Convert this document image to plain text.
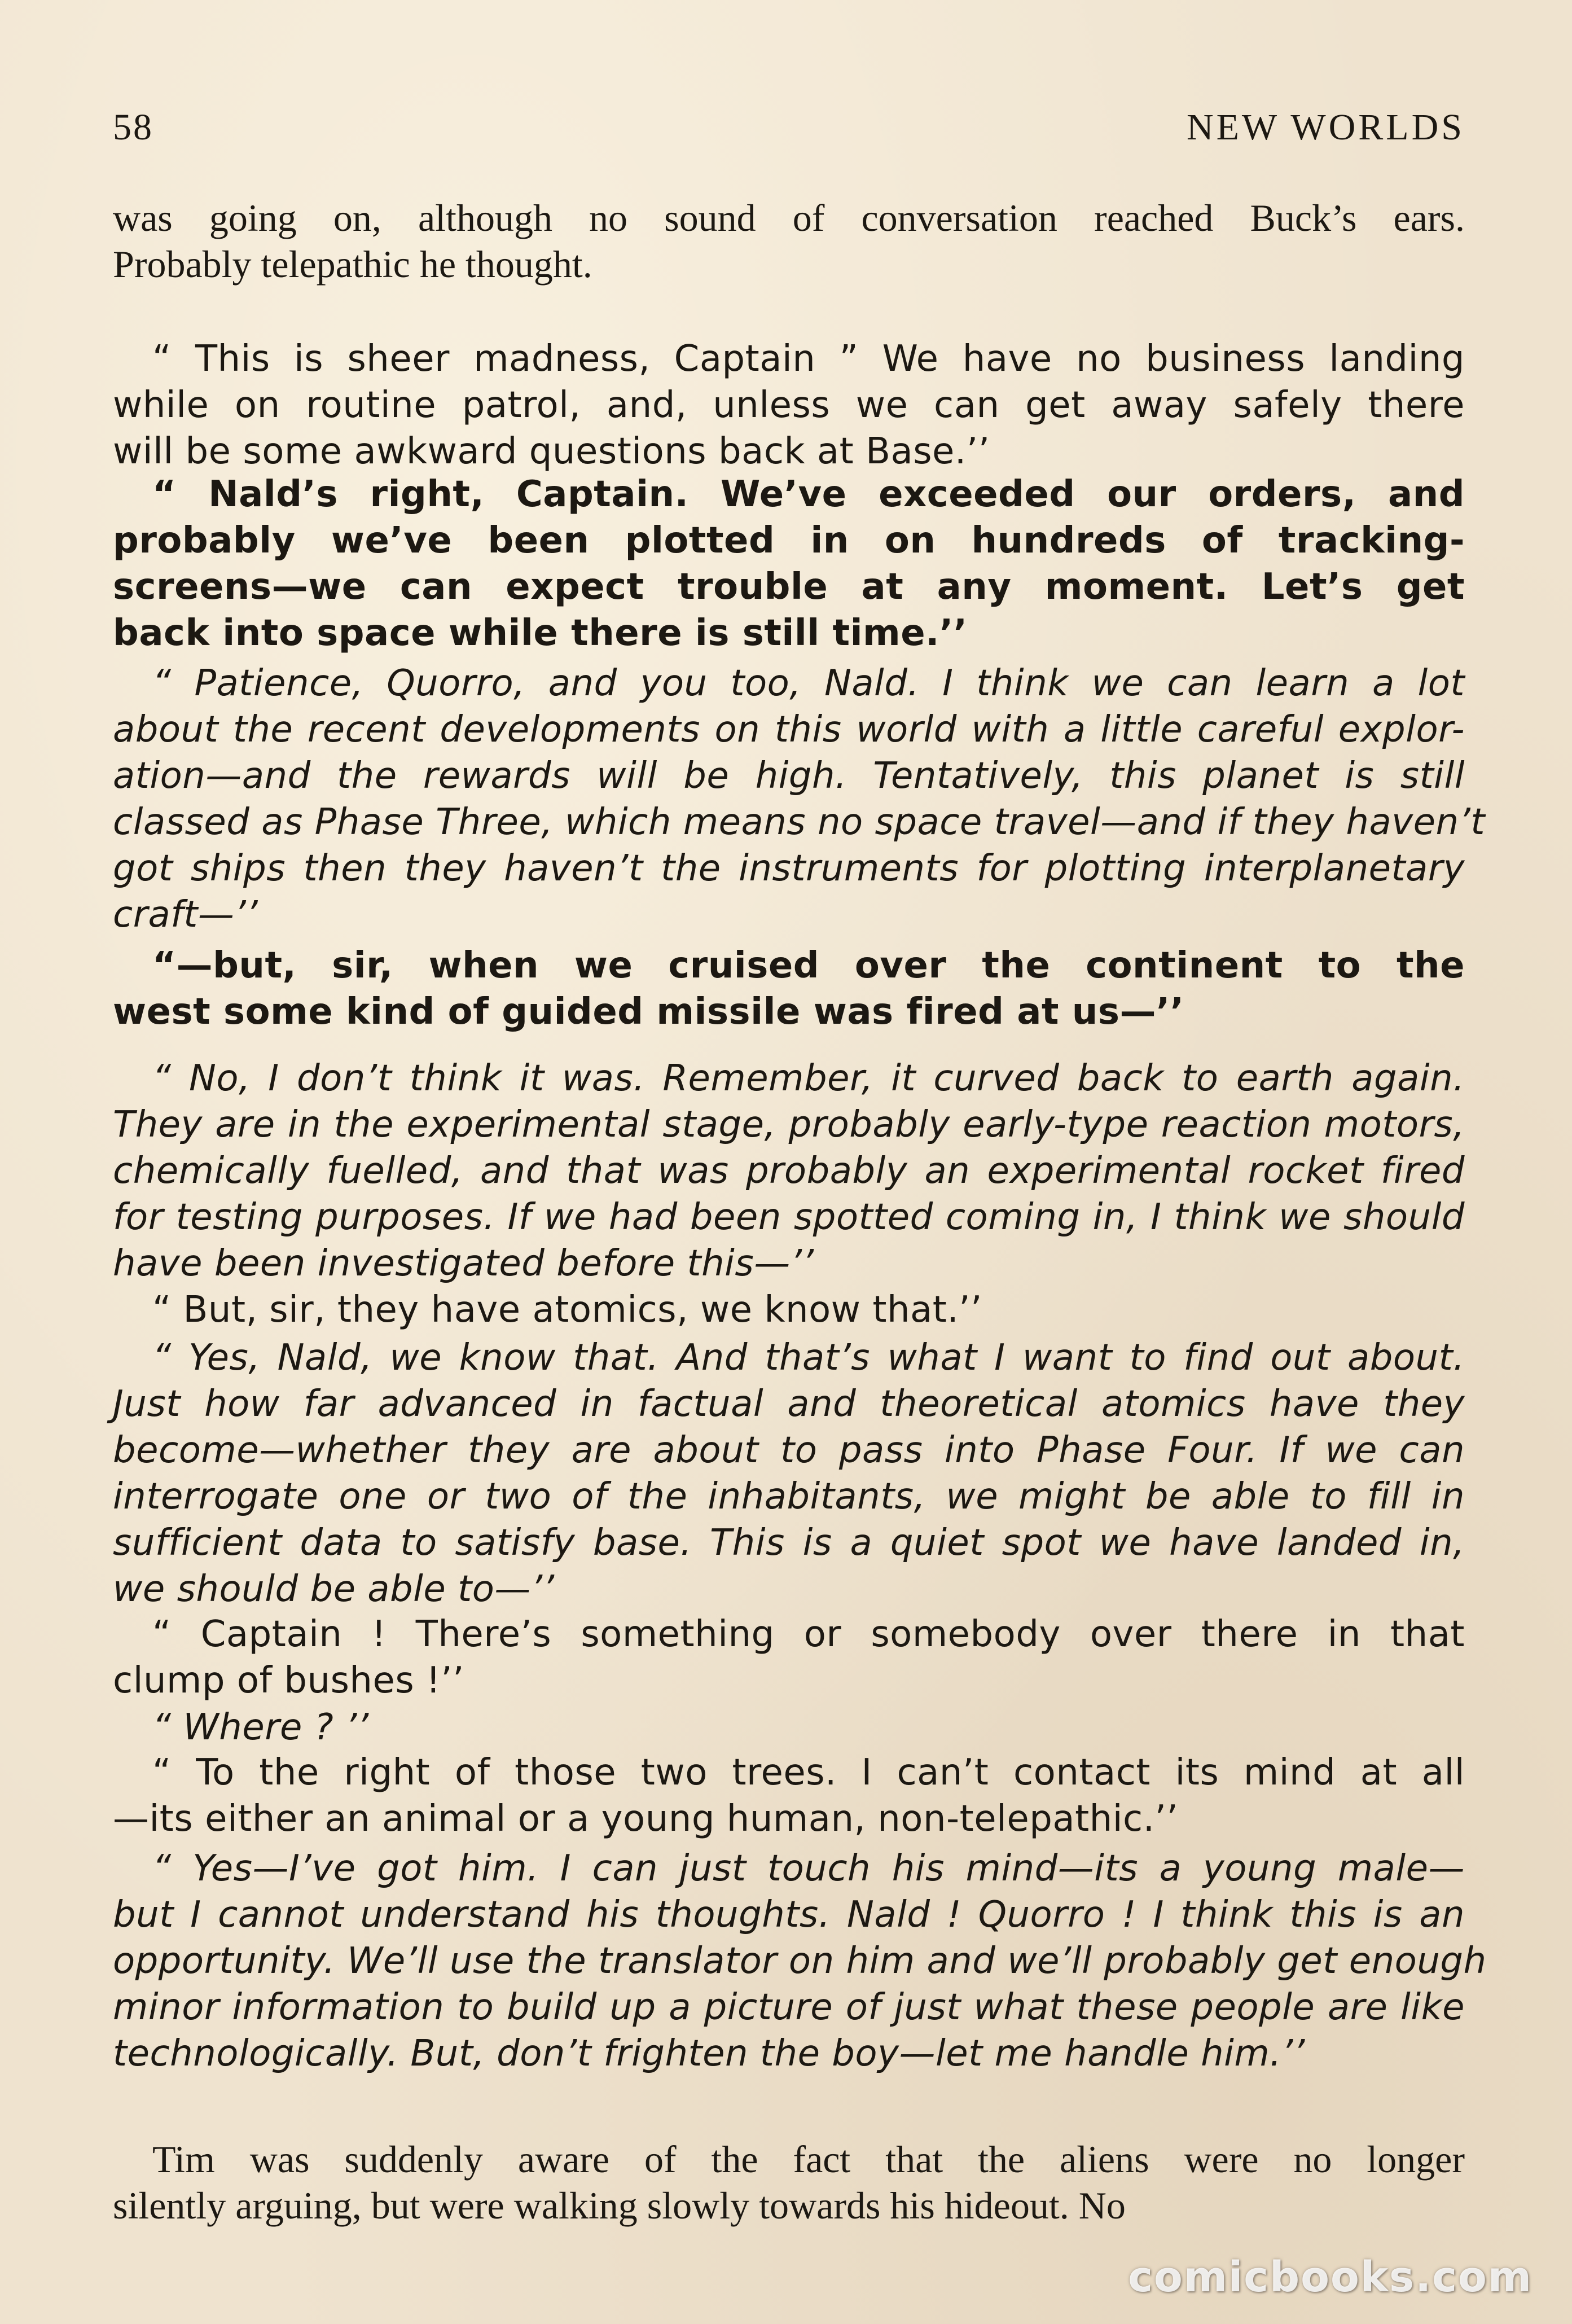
58	NEW WORLDS
was going on, although no sound of conversation reached Buck’s ears.
Probably telepathic he thought.
“ This is sheer madness, Captain ” We have no business landing
while on routine patrol, and, unless we can get away safely there
will be some awkward questions back at Base.’’
“ Nald’s right, Captain. We’ve exceeded our orders, and
probably we’ve been plotted in on hundreds of tracking-
screens—we can expect trouble at any moment. Let’s get
back into space while there is still time.’’
“ Patience, Quorro, and you too, Nald. I think we can learn a lot
about the recent developments on this world with a little careful explor-
ation—and the rewards will be high. Tentatively, this planet is still
classed as Phase Three, which means no space travel—and if they haven’t
got ships then they haven’t the instruments for plotting interplanetary
craft—’’
“—but, sir, when we cruised over the continent to the
west some kind of guided missile was fired at us—’’
“ No, I don’t think it was. Remember, it curved back to earth again.
They are in the experimental stage, probably early-type reaction motors,
chemically fuelled, and that was probably an experimental rocket fired
for testing purposes. If we had been spotted coming in, I think we should
have been investigated before this—’’
“ But, sir, they have atomics, we know that.’’
“ Yes, Nald, we know that. And that’s what I want to find out about.
Just how far advanced in factual and theoretical atomics have they
become—whether they are about to pass into Phase Four. If we can
interrogate one or two of the inhabitants, we might be able to fill in
sufficient data to satisfy base. This is a quiet spot we have landed in,
we should be able to—’’
“ Captain ! There’s something or somebody over there in that
clump of bushes !’’
“ Where ? ’’
“ To the right of those two trees. I can’t contact its mind at all
—its either an animal or a young human, non-telepathic.’’
“ Yes—I’ve got him. I can just touch his mind—its a young male—
but I cannot understand his thoughts. Nald ! Quorro ! I think this is an
opportunity. We’ll use the translator on him and we’ll probably get enough
minor information to build up a picture of just what these people are like
technologically. But, don’t frighten the boy—let me handle him.’’
Tim was suddenly aware of the fact that the aliens were no longer
silently arguing, but were walking slowly towards his hideout. No
comicbooks.com
